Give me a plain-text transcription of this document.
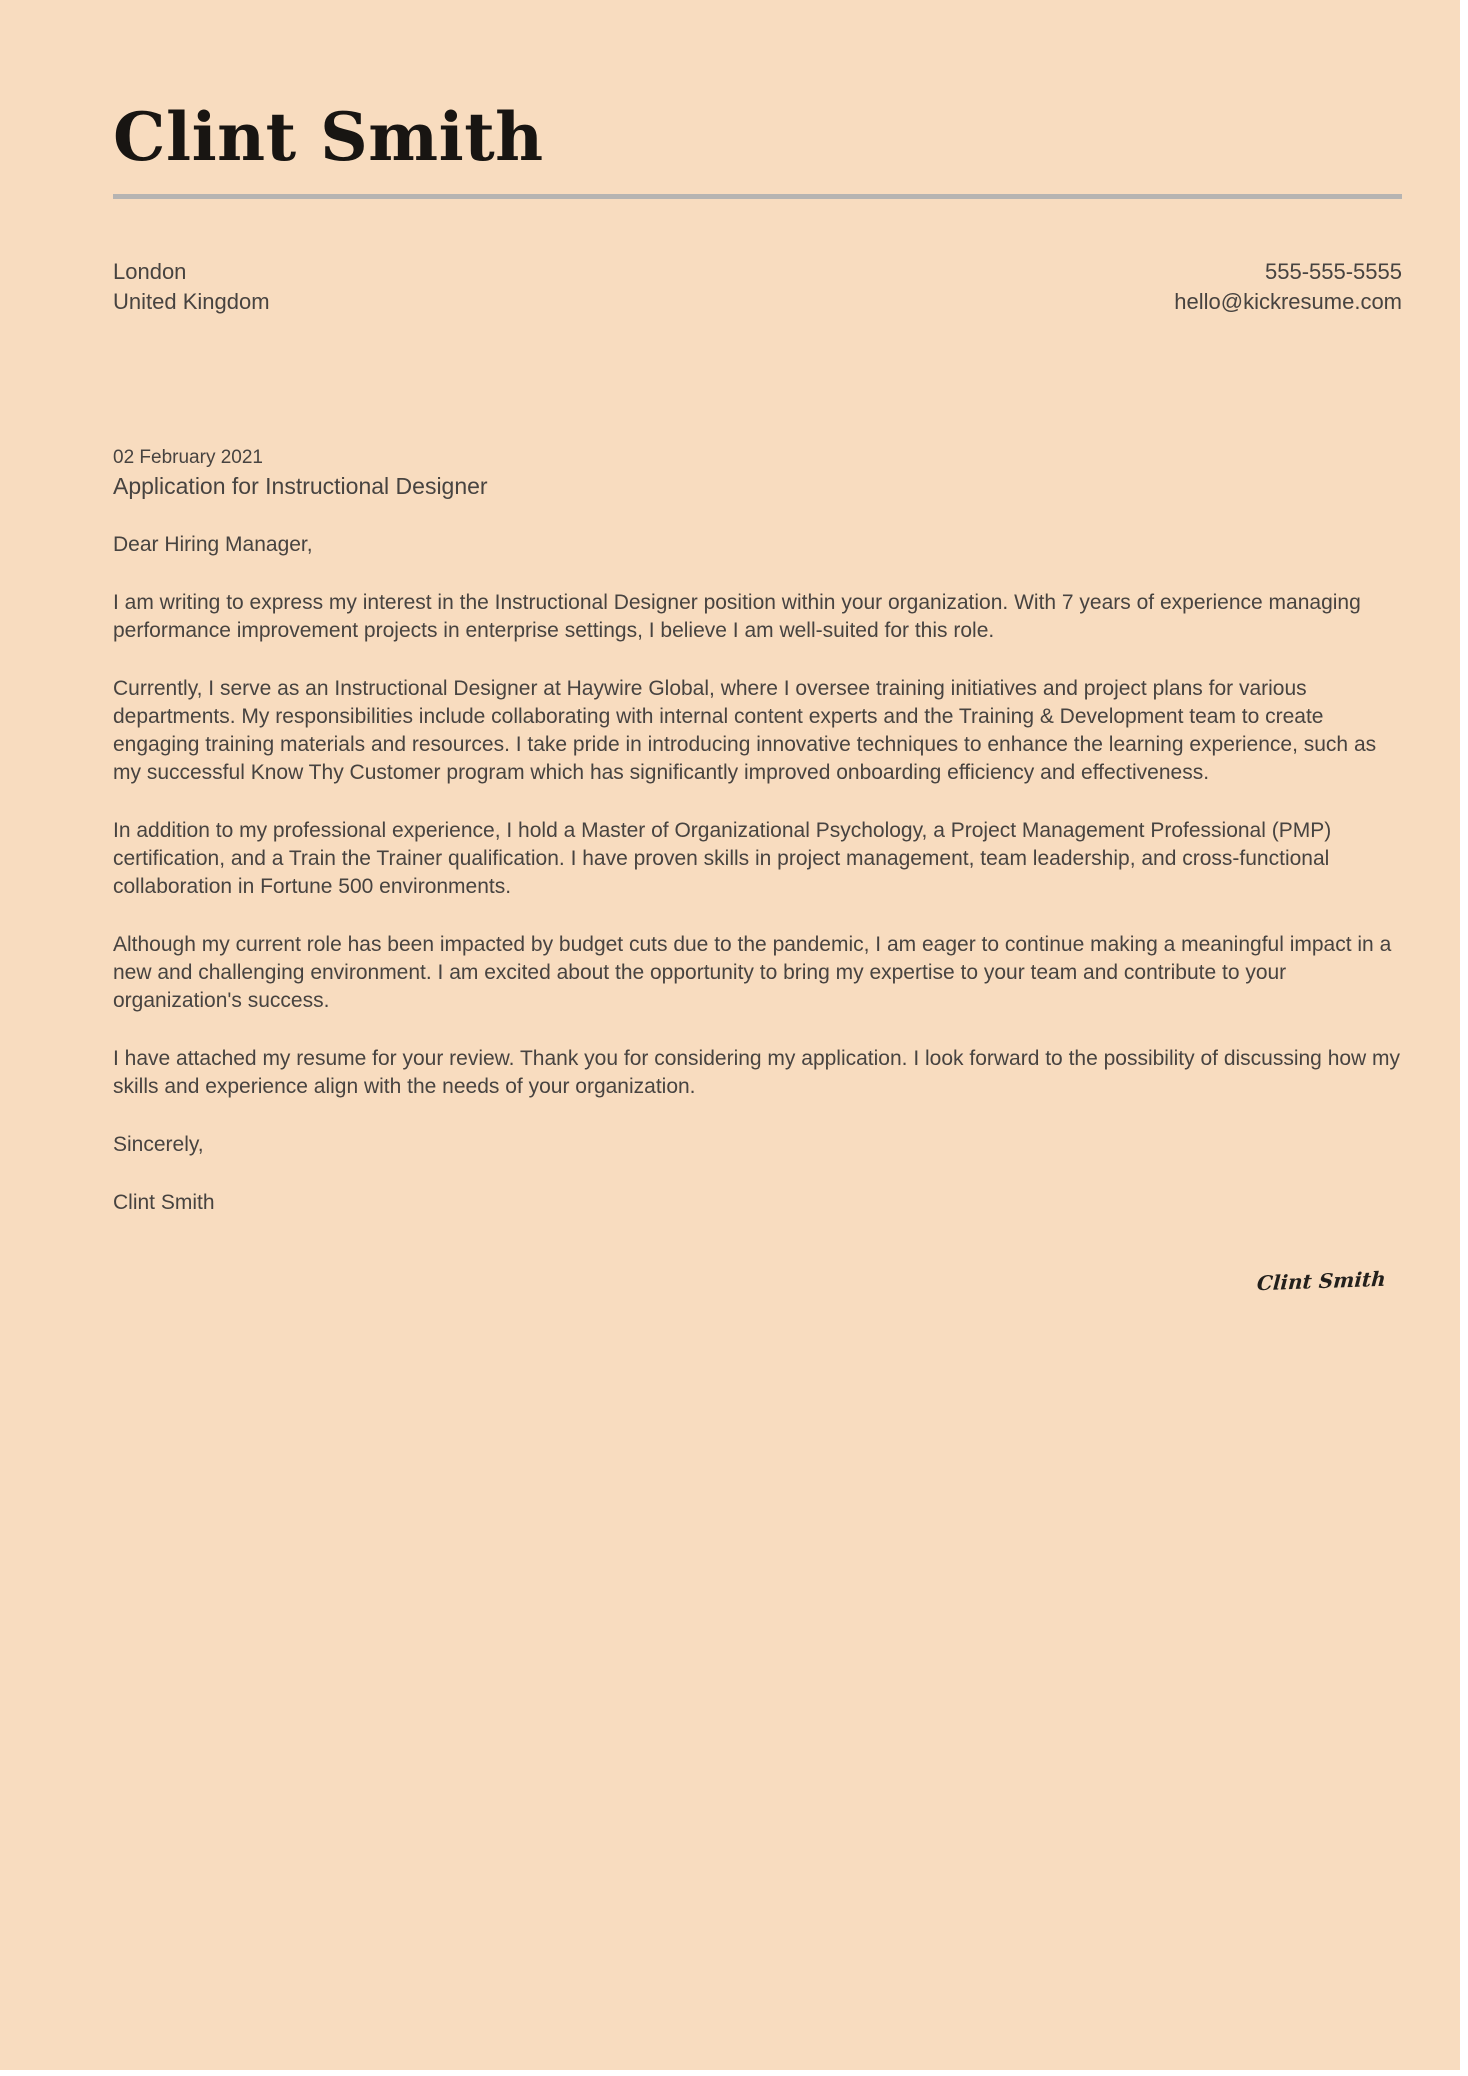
Clint Smith
London
United Kingdom
555-555-5555
hello@kickresume.com
02 February 2021
Application for Instructional Designer

Dear Hiring Manager,

I am writing to express my interest in the Instructional Designer position within your organization. With 7 years of experience managing performance improvement projects in enterprise settings, I believe I am well-suited for this role.

Currently, I serve as an Instructional Designer at Haywire Global, where I oversee training initiatives and project plans for various departments. My responsibilities include collaborating with internal content experts and the Training & Development team to create engaging training materials and resources. I take pride in introducing innovative techniques to enhance the learning experience, such as my successful Know Thy Customer program which has significantly improved onboarding efficiency and effectiveness.

In addition to my professional experience, I hold a Master of Organizational Psychology, a Project Management Professional (PMP) certification, and a Train the Trainer qualification. I have proven skills in project management, team leadership, and cross-functional collaboration in Fortune 500 environments.

Although my current role has been impacted by budget cuts due to the pandemic, I am eager to continue making a meaningful impact in a new and challenging environment. I am excited about the opportunity to bring my expertise to your team and contribute to your organization's success.

I have attached my resume for your review. Thank you for considering my application. I look forward to the possibility of discussing how my skills and experience align with the needs of your organization.

Sincerely,

Clint Smith

Clint Smith
